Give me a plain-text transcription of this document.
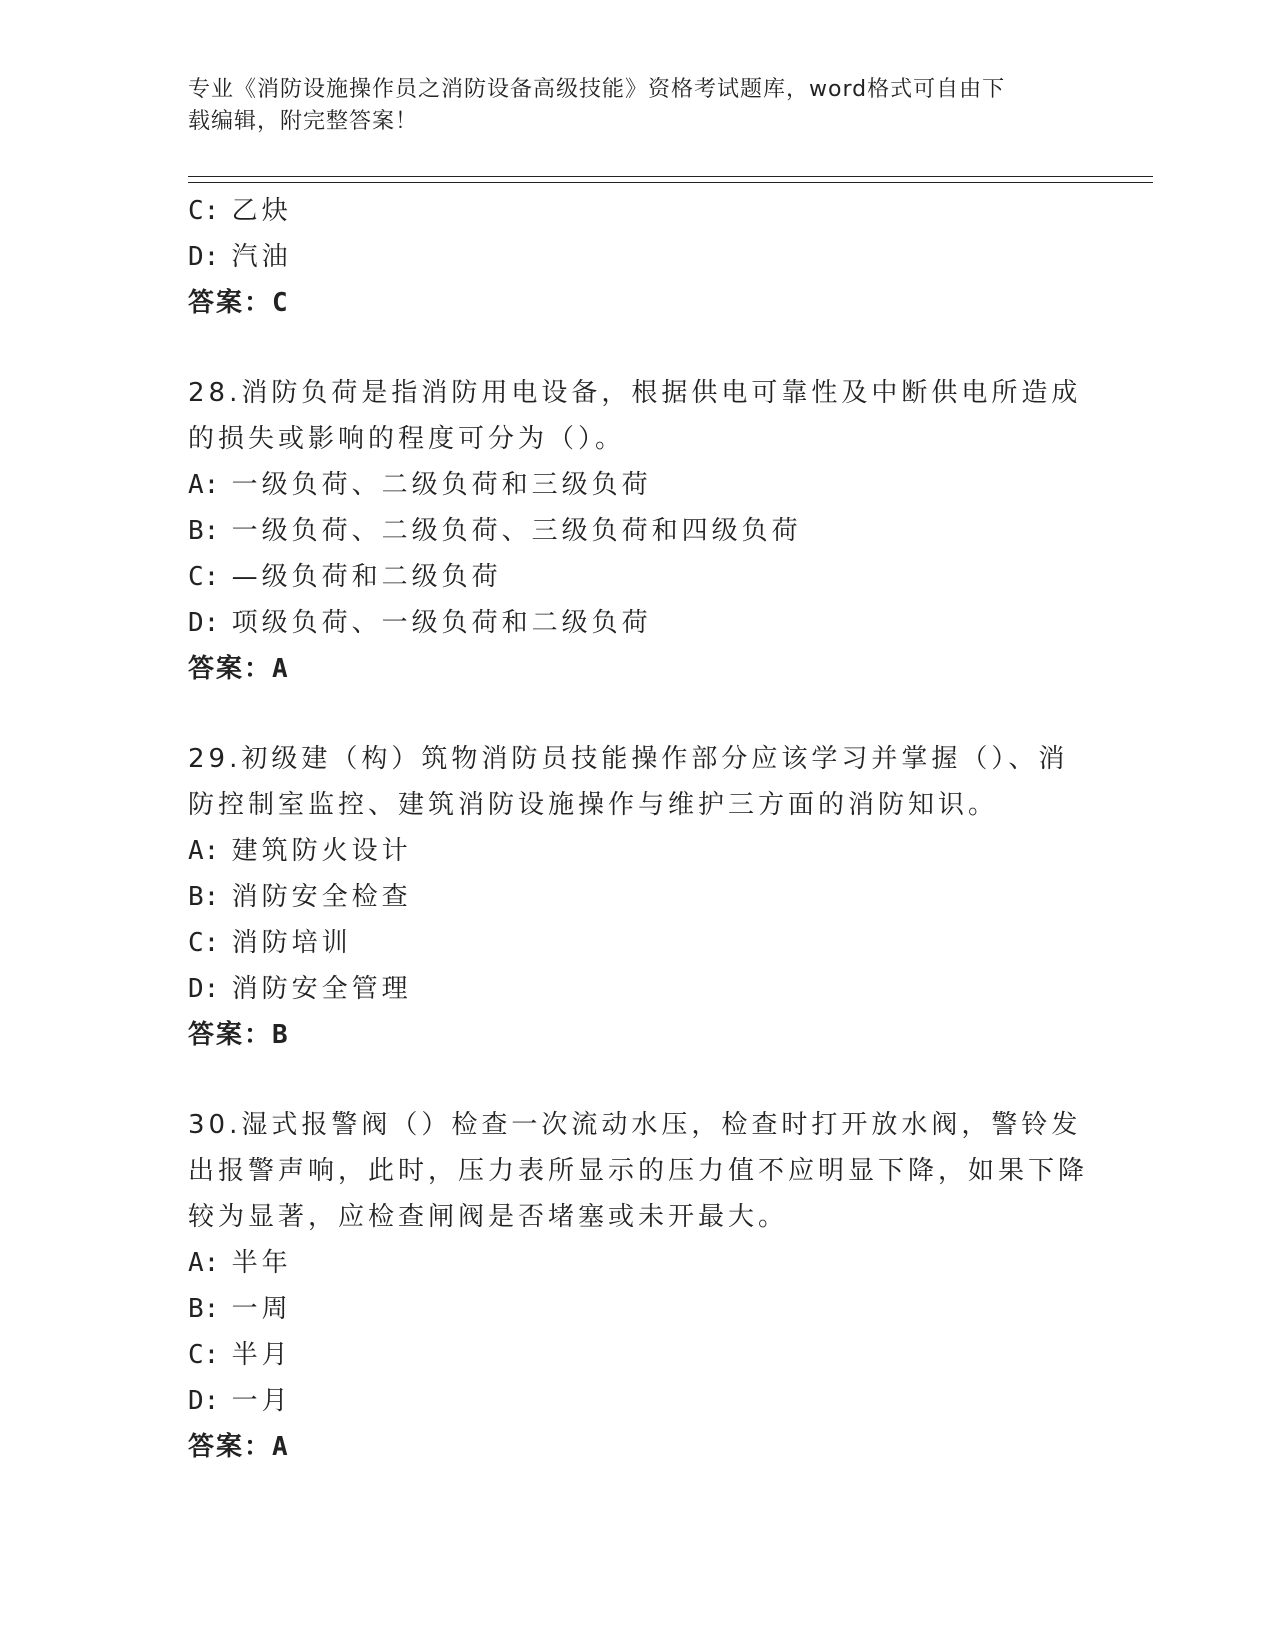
专业《消防设施操作员之消防设备高级技能》资格考试题库，word格式可自由下
载编辑，附完整答案！
C: 乙炔
D: 汽油
答案：C
28.消防负荷是指消防用电设备，根据供电可靠性及中断供电所造成的损失或影响的程度可分为（）。
A: 一级负荷、二级负荷和三级负荷
B: 一级负荷、二级负荷、三级负荷和四级负荷
C: —级负荷和二级负荷
D: 项级负荷、一级负荷和二级负荷
答案：A
29.初级建（构）筑物消防员技能操作部分应该学习并掌握（）、消防控制室监控、建筑消防设施操作与维护三方面的消防知识。
A: 建筑防火设计
B: 消防安全检查
C: 消防培训
D: 消防安全管理
答案：B
30.湿式报警阀（）检查一次流动水压，检查时打开放水阀，警铃发出报警声响，此时，压力表所显示的压力值不应明显下降，如果下降较为显著，应检查闸阀是否堵塞或未开最大。
A: 半年
B: 一周
C: 半月
D: 一月
答案：A
